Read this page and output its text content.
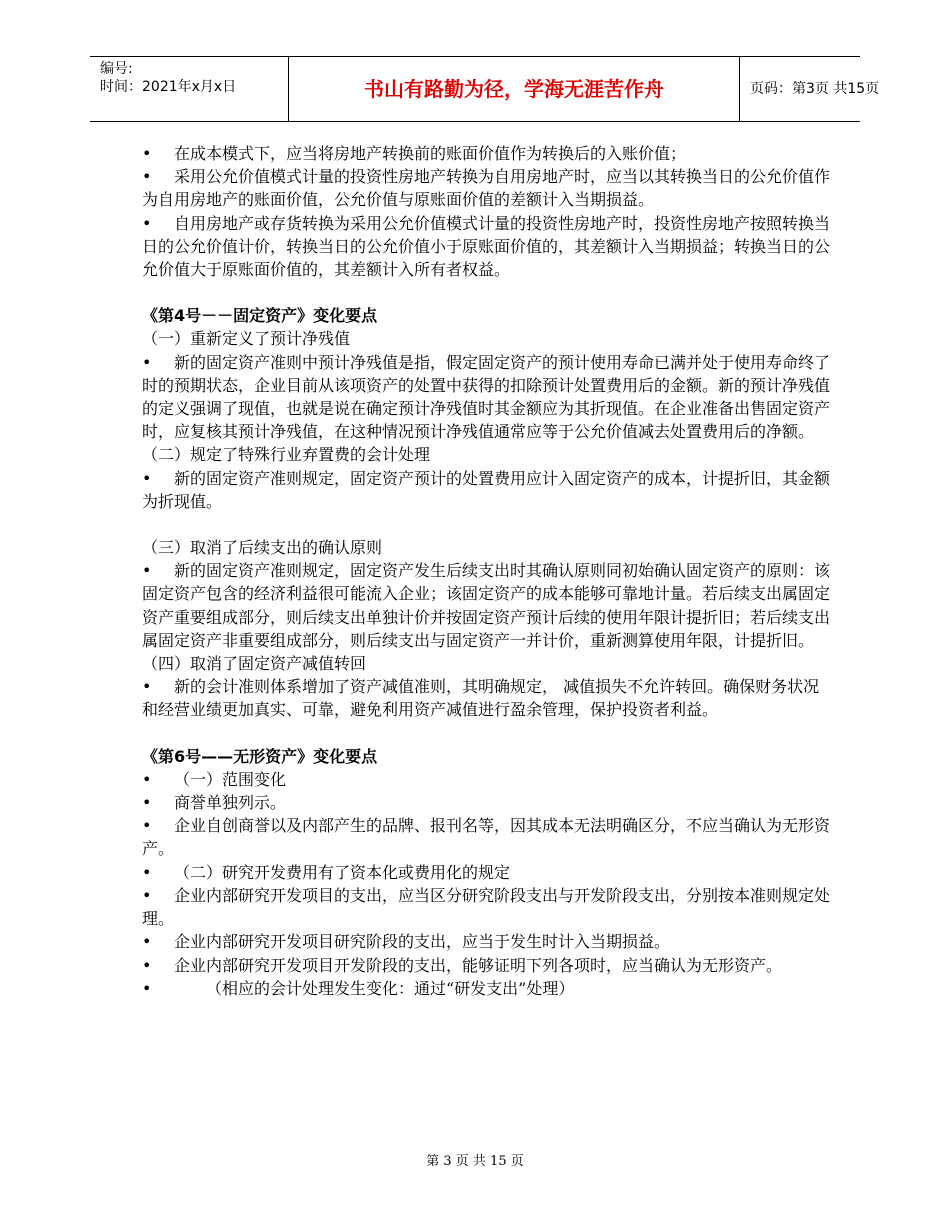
编号:
时间：2021年x月x日	书山有路勤为径，学海无涯苦作舟	页码：第3页 共15页
•	在成本模式下，应当将房地产转换前的账面价值作为转换后的入账价值；
•	采用公允价值模式计量的投资性房地产转换为自用房地产时，应当以其转换当日的公允价值作为自用房地产的账面价值，公允价值与原账面价值的差额计入当期损益。
•	自用房地产或存货转换为采用公允价值模式计量的投资性房地产时，投资性房地产按照转换当日的公允价值计价，转换当日的公允价值小于原账面价值的，其差额计入当期损益；转换当日的公允价值大于原账面价值的，其差额计入所有者权益。

《第4号－－固定资产》变化要点

（一）重新定义了预计净残值

•	新的固定资产准则中预计净残值是指，假定固定资产的预计使用寿命已满并处于使用寿命终了时的预期状态，企业目前从该项资产的处置中获得的扣除预计处置费用后的金额。新的预计净残值的定义强调了现值，也就是说在确定预计净残值时其金额应为其折现值。在企业准备出售固定资产时，应复核其预计净残值，在这种情况预计净残值通常应等于公允价值减去处置费用后的净额。

（二）规定了特殊行业弃置费的会计处理

•	新的固定资产准则规定，固定资产预计的处置费用应计入固定资产的成本，计提折旧，其金额为折现值。

（三）取消了后续支出的确认原则

•	新的固定资产准则规定，固定资产发生后续支出时其确认原则同初始确认固定资产的原则：该固定资产包含的经济利益很可能流入企业；该固定资产的成本能够可靠地计量。若后续支出属固定资产重要组成部分，则后续支出单独计价并按固定资产预计后续的使用年限计提折旧；若后续支出属固定资产非重要组成部分，则后续支出与固定资产一并计价，重新测算使用年限，计提折旧。

（四）取消了固定资产减值转回

•	新的会计准则体系增加了资产减值准则，其明确规定， 减值损失不允许转回。确保财务状况和经营业绩更加真实、可靠，避免利用资产减值进行盈余管理，保护投资者利益。

《第6号——无形资产》变化要点

•	（一）范围变化
•	商誉单独列示。
•	企业自创商誉以及内部产生的品牌、报刊名等，因其成本无法明确区分，不应当确认为无形资产。
•	（二）研究开发费用有了资本化或费用化的规定
•	企业内部研究开发项目的支出，应当区分研究阶段支出与开发阶段支出，分别按本准则规定处理。
•	企业内部研究开发项目研究阶段的支出，应当于发生时计入当期损益。
•	企业内部研究开发项目开发阶段的支出，能够证明下列各项时，应当确认为无形资产。
•	（相应的会计处理发生变化：通过“研发支出”处理）
第 3 页 共 15 页
